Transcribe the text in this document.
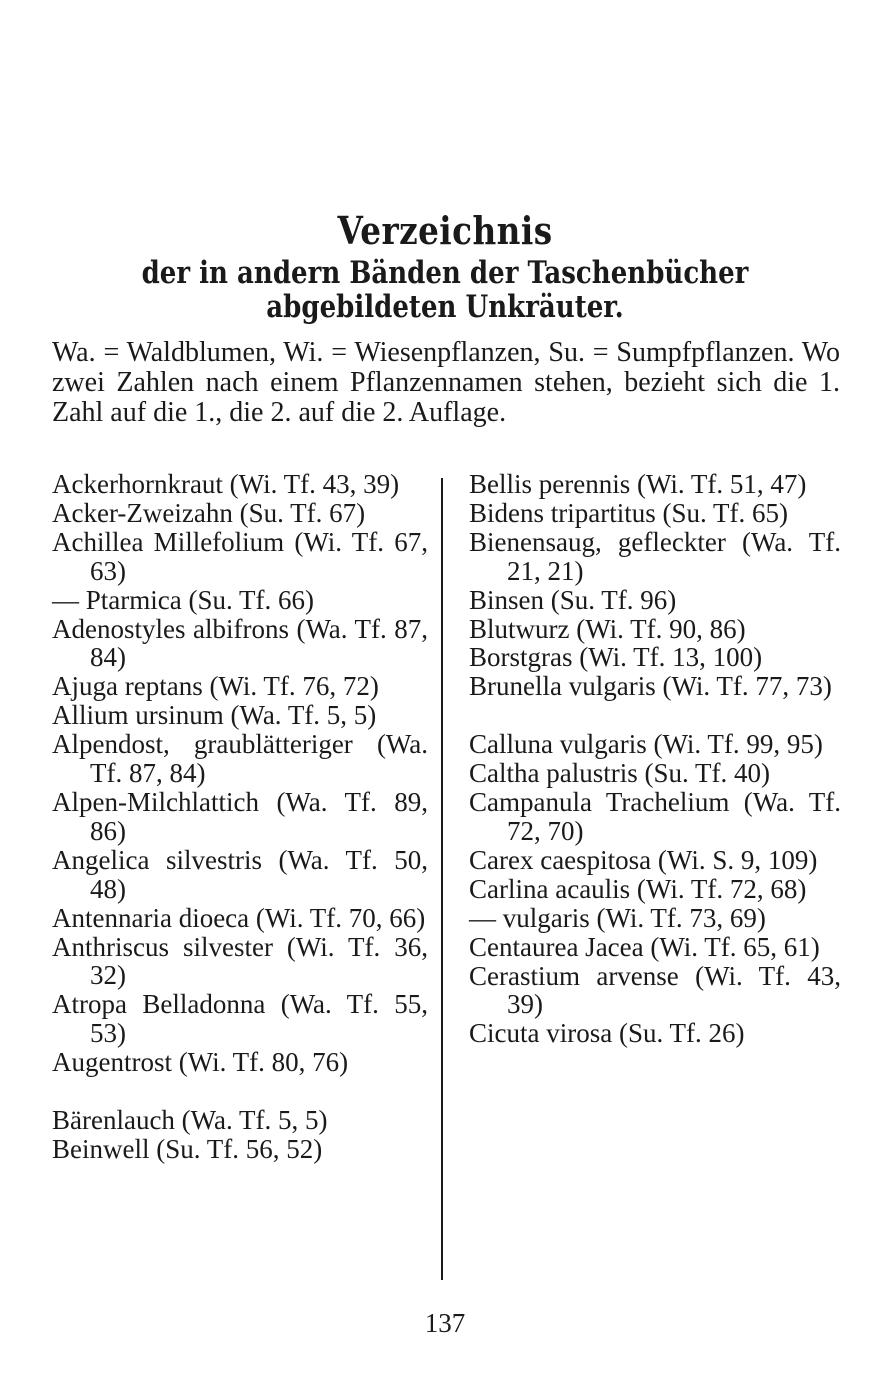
Verzeichnis
der in andern Bänden der Taschenbücher abgebildeten Unkräuter.

Wa. = Waldblumen, Wi. = Wiesenpflanzen, Su. = Sumpfpflanzen. Wo zwei Zahlen nach einem Pflanzennamen stehen, bezieht sich die 1. Zahl auf die 1., die 2. auf die 2. Auflage.

Ackerhornkraut (Wi. Tf. 43, 39)

Acker-Zweizahn (Su. Tf. 67)

Achillea Millefolium (Wi. Tf. 67, 63)

— Ptarmica (Su. Tf. 66)

Adenostyles albifrons (Wa. Tf. 87, 84)

Ajuga reptans (Wi. Tf. 76, 72)

Allium ursinum (Wa. Tf. 5, 5)

Alpendost, graublätteriger (Wa. Tf. 87, 84)

Alpen-Milchlattich (Wa. Tf. 89, 86)

Angelica silvestris (Wa. Tf. 50, 48)

Antennaria dioeca (Wi. Tf. 70, 66)

Anthriscus silvester (Wi. Tf. 36, 32)

Atropa Belladonna (Wa. Tf. 55, 53)

Augentrost (Wi. Tf. 80, 76)

Bärenlauch (Wa. Tf. 5, 5)

Beinwell (Su. Tf. 56, 52)

Bellis perennis (Wi. Tf. 51, 47)

Bidens tripartitus (Su. Tf. 65)

Bienensaug, gefleckter (Wa. Tf. 21, 21)

Binsen (Su. Tf. 96)

Blutwurz (Wi. Tf. 90, 86)

Borstgras (Wi. Tf. 13, 100)

Brunella vulgaris (Wi. Tf. 77, 73)

Calluna vulgaris (Wi. Tf. 99, 95)

Caltha palustris (Su. Tf. 40)

Campanula Trachelium (Wa. Tf. 72, 70)

Carex caespitosa (Wi. S. 9, 109)

Carlina acaulis (Wi. Tf. 72, 68)

— vulgaris (Wi. Tf. 73, 69)

Centaurea Jacea (Wi. Tf. 65, 61)

Cerastium arvense (Wi. Tf. 43, 39)

Cicuta virosa (Su. Tf. 26)

137
